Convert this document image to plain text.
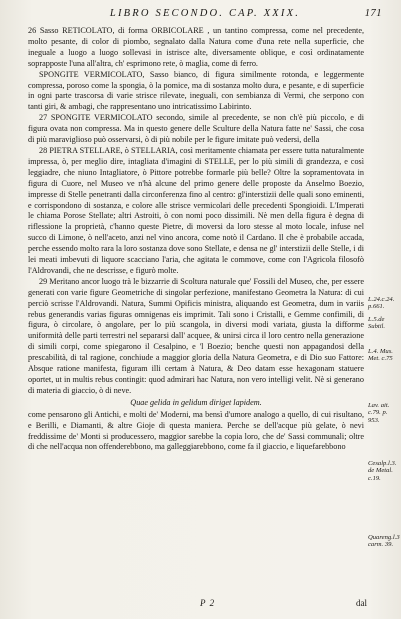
LIBRO SECONDO. CAP. XXIX.	171

26 Sasso RETICOLATO, di forma ORBICOLARE , un tantino compressa, come nel precedente, molto pesante, di color di piombo, segnalato dalla Natura come d'una rete nella superficie, che ineguale a luogo a luogo sollevasi in istrisce alte, diversamente oblique, e così ordinatamente soprapposte l'una all'altra, ch' esprimono rete, ò maglia, come di ferro.

SPONGITE VERMICOLATO, Sasso bianco, di figura similmente rotonda, e leggermente compressa, poroso come la spongia, ò la pomice, ma di sostanza molto dura, e pesante, e di superficie in ogni parte trascorsa di varie strisce rilevate, ineguali, con sembianza di Vermi, che serpono con tanti giri, & ambagi, che rappresentano uno intricatissimo Labirinto.

27 SPONGITE VERMICOLATO secondo, simile al precedente, se non ch'è più piccolo, e di figura ovata non compressa. Ma in questo genere delle Sculture della Natura fatte ne' Sassi, che cosa di più maraviglioso può osservarsi, ò di più nobile per le figure imitate può vedersi, della

28 PIETRA STELLARE, ò STELLARIA, così meritamente chiamata per essere tutta naturalmente impressa, ò, per meglio dire, intagliata d'imagini di STELLE, per lo più simili di grandezza, e così leggiadre, che niuno Intagliatore, ò Pittore potrebbe formarle più belle? Oltre la sopramentovata in figura di Cuore, nel Museo ve n'hà alcune del primo genere delle proposte da Anselmo Boezio, impresse di Stelle penetranti dalla circonferenza fino al centro: gl'interstizii delle quali sono eminenti, e corrispondono di sostanza, e colore alle strisce vermicolari delle precedenti Spongioidi. L'Imperati le chiama Porose Stellate; altri Astroiti, ò con nomi poco dissimili. Nè men della figura è degna di riflessione la proprietà, c'hanno queste Pietre, di moversi da loro stesse al moto locale, infuse nel succo di Limone, ò nell'aceto, anzi nel vino ancora, come notò il Cardano. Il che è probabile accada, perche essendo molto rara la loro sostanza dove sono Stellate, e densa ne gl' interstizii delle Stelle, i di lei meati imbevuti di liquore scacciano l'aria, che agitata le commove, come con l'Agricola filosofò l'Aldrovandi, che ne descrisse, e figurò molte.

29 Meritano ancor luogo trà le bizzarrie di Scoltura naturale que' Fossili del Museo, che, per essere generati con varie figure Geometriche di singolar perfezione, manifestano Geometra la Natura: di cui perciò scrisse l'Aldrovandi. Natura, Summi Opificis ministra, aliquando est Geometra, dum in variis rebus generandis varias figuras omnigenas eis imprimit. Tali sono i Cristalli, e Gemme confimili, di figura, ò circolare, ò angolare, per lo più scangola, in diversi modi variata, giusta la difforme uniformità delle parti terrestri nel separarsi dall' acquee, & unirsi circa il loro centro nella generazione di simili corpi, come spiegarono il Cesalpino, e 'l Boezio; benche questi non appagandosi della prescabilità, di tal ragione, conchiude a maggior gloria della Natura Geometra, e di Dio suo Fattore: Absque ratione manifesta, figuram illi certam à Natura, & Deo datam esse hexagonam statuere oportet, ut in multis rebus contingit: quod admirari hac Natura, non vero intelligi velit. Nè si generano di materia di giaccio, ò di neve.

Quae gelida in gelidum diriget lapidem.

come pensarono gli Antichi, e molti de' Moderni, ma bensì d'umore analogo a quello, di cui risultano, e Berilli, e Diamanti, & altre Gioje di questa maniera. Perche se dell'acque più gelate, ò nevi freddissime de' Monti si producessero, maggior sarebbe la copia loro, che de' Sassi communali; oltre di che nell'acqua non offenderebbono, ma galleggiarebbono, come fa il giaccio, e liquefarebbono

L.24.c.24. p.661.
L.5.de Subtil.
L.4. Mus. Met. c.75
Lav. ait. c.79. p. 953.
Cesalp.l.3. de Metal. c.19.
Quareng.l.3 carm. 39.
P 2	dal
